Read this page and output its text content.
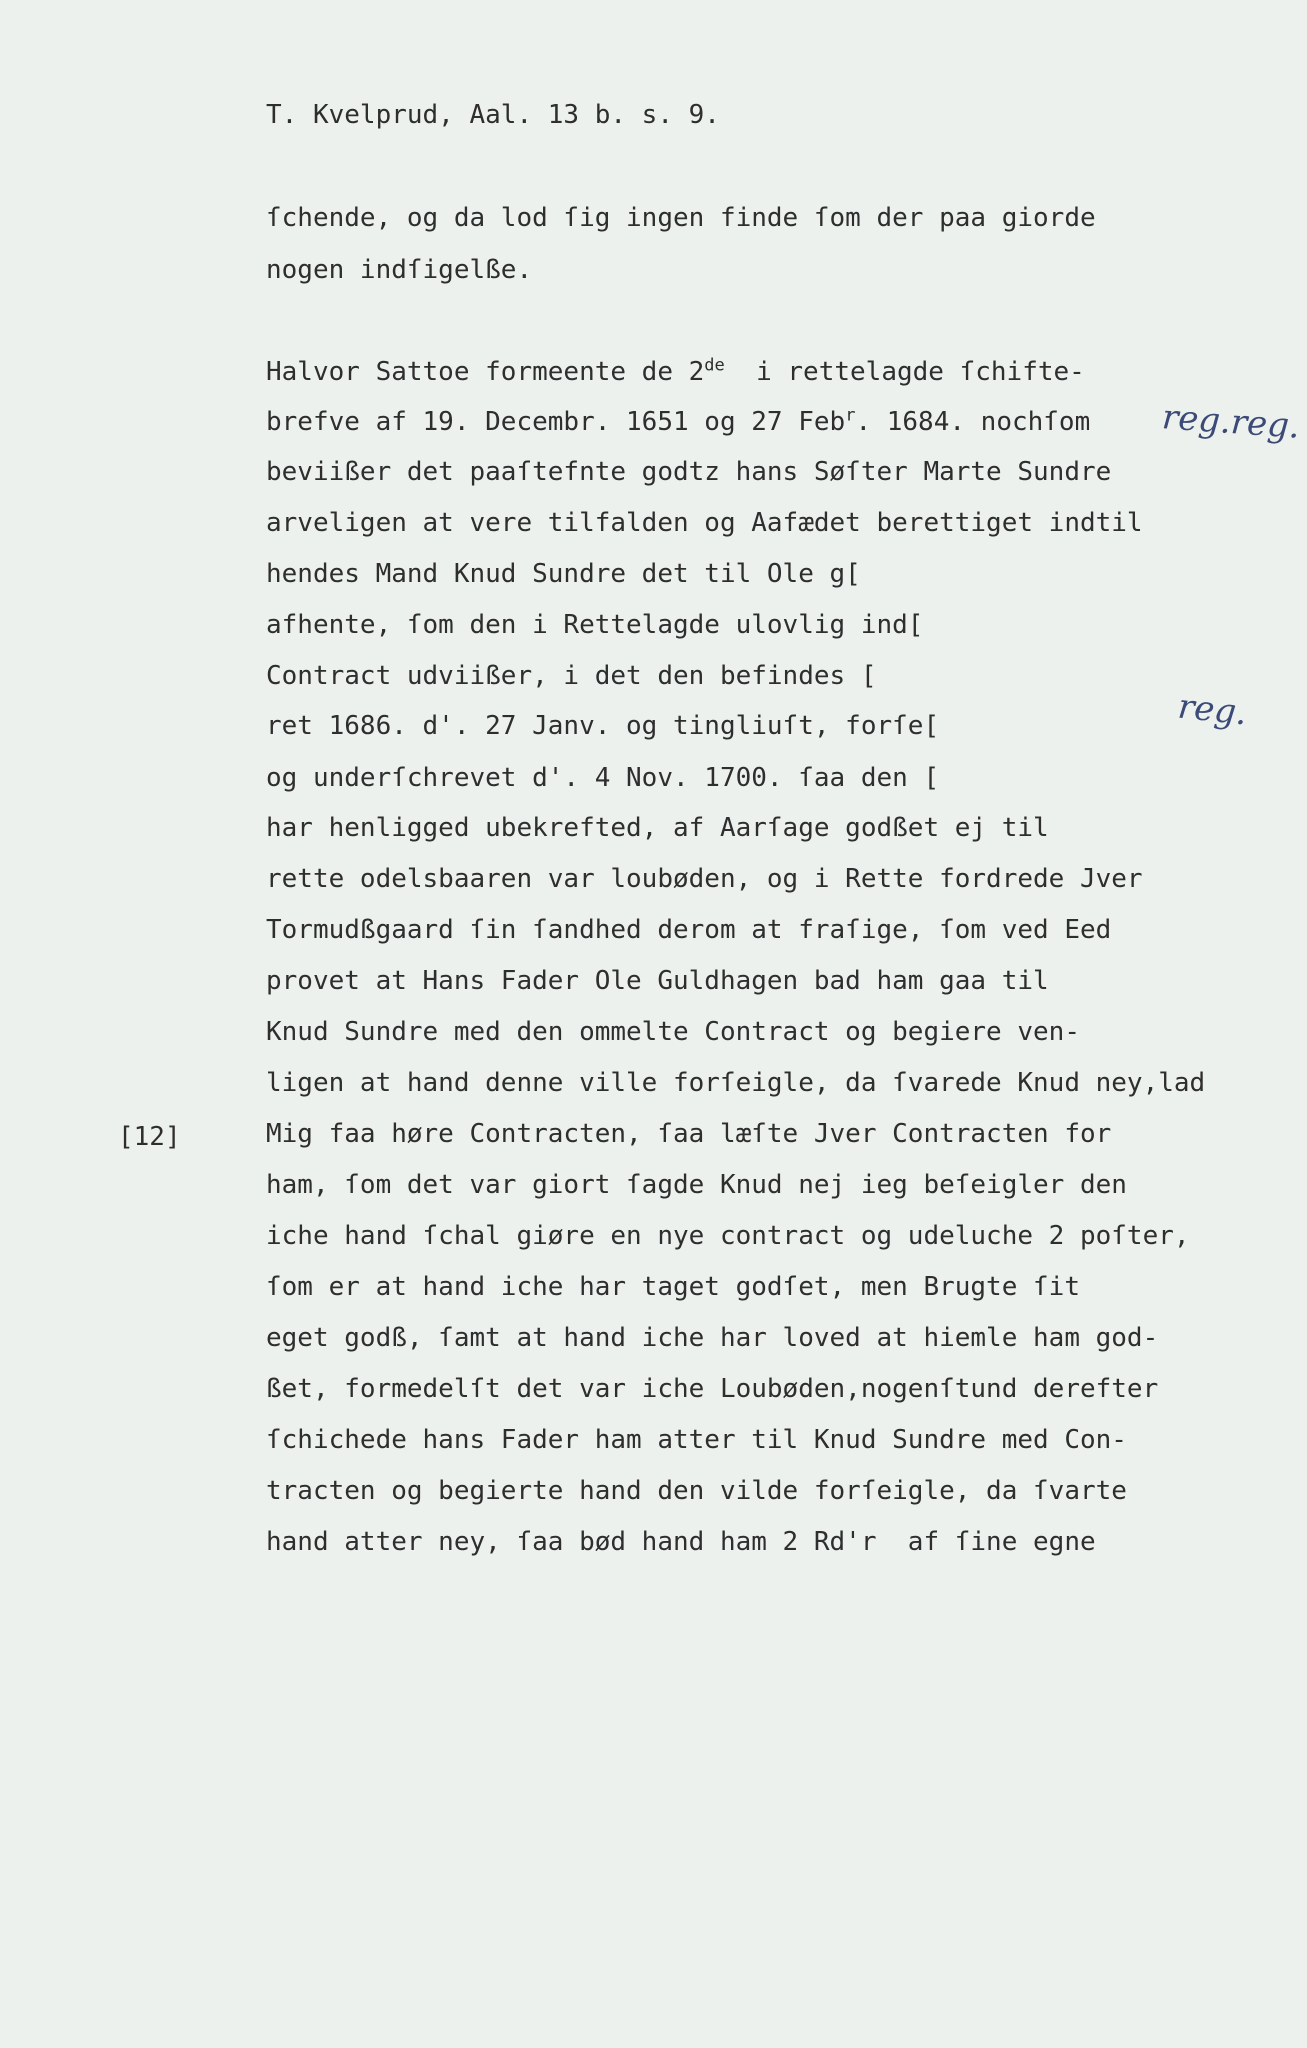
T. Kvelprud, Aal. 13 b. s. 9.
ſchende, og da lod ſig ingen finde ſom der paa giorde
nogen indſigelße.
Halvor Sattoe formeente de 2de i rettelagde ſchifte-
brefve af 19. Decembr. 1651 og 27 Feb$^r$. 1684. nochſom
beviißer det paaſtefnte godtz hans Søſter Marte Sundre
arveligen at vere tilfalden og Aafædet berettiget indtil
hendes Mand Knud Sundre det til Ole g[
afhente, ſom den i Rettelagde ulovlig ind[
Contract udviißer, i det den befindes [
ret 1686. d'. 27 Janv. og tingliuſt, forſe[
og underſchrevet d'. 4 Nov. 1700. ſaa den [
har henligged ubekrefted, af Aarſage godßet ej til
rette odelsbaaren var loubøden, og i Rette fordrede Jver
Tormudßgaard ſin ſandhed derom at fraſige, ſom ved Eed
provet at Hans Fader Ole Guldhagen bad ham gaa til
Knud Sundre med den ommelte Contract og begiere ven-
ligen at hand denne ville forſeigle, da ſvarede Knud ney,lad
Mig faa høre Contracten, ſaa læſte Jver Contracten for
ham, ſom det var giort ſagde Knud nej ieg beſeigler den
iche hand ſchal giøre en nye contract og udeluche 2 poſter,
ſom er at hand iche har taget godſet, men Brugte ſit
eget godß, ſamt at hand iche har loved at hiemle ham god-
ßet, formedelſt det var iche Loubøden,nogenſtund derefter
ſchichede hans Fader ham atter til Knud Sundre med Con-
tracten og begierte hand den vilde forſeigle, da ſvarte
hand atter ney, ſaa bød hand ham 2 Rd'r  af ſine egne
[12]
reg.reg.
reg.
